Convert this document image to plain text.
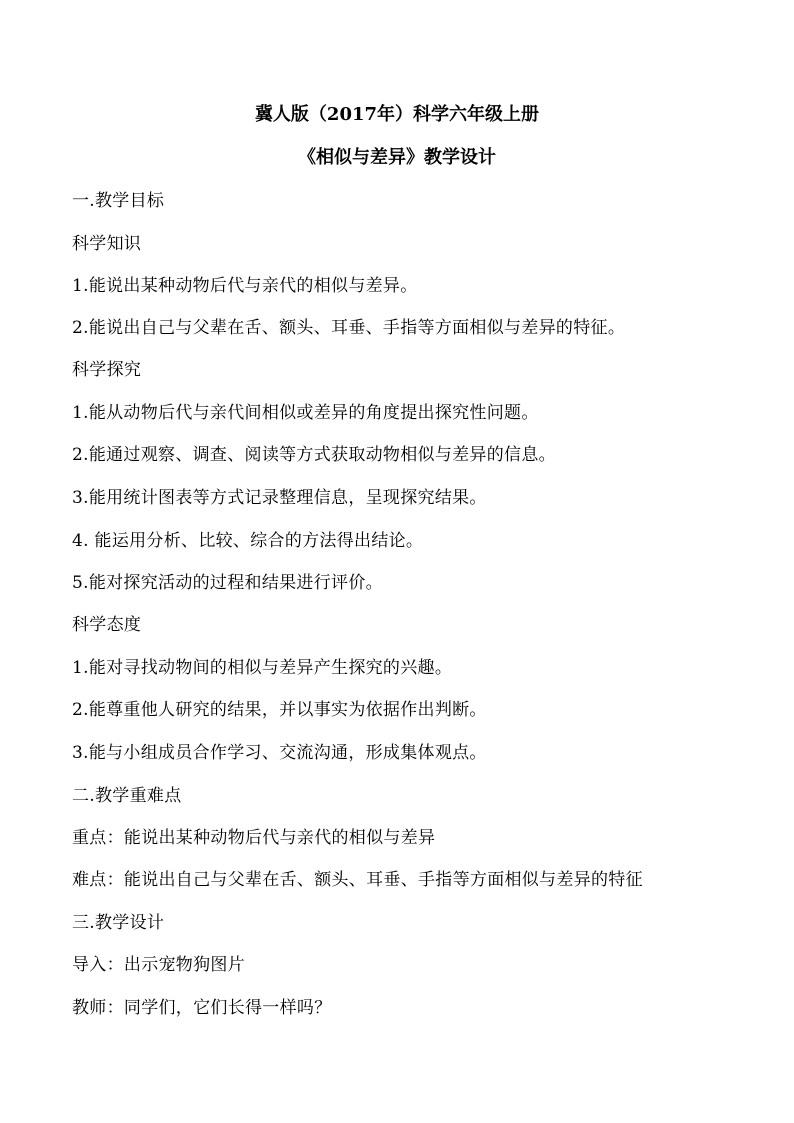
冀人版（2017年）科学六年级上册
《相似与差异》教学设计
一.教学目标
科学知识
1.能说出某种动物后代与亲代的相似与差异。
2.能说出自己与父辈在舌、额头、耳垂、手指等方面相似与差异的特征。
科学探究
1.能从动物后代与亲代间相似或差异的角度提出探究性问题。
2.能通过观察、调查、阅读等方式获取动物相似与差异的信息。
3.能用统计图表等方式记录整理信息，呈现探究结果。
4. 能运用分析、比较、综合的方法得出结论。
5.能对探究活动的过程和结果进行评价。
科学态度
1.能对寻找动物间的相似与差异产生探究的兴趣。
2.能尊重他人研究的结果，并以事实为依据作出判断。
3.能与小组成员合作学习、交流沟通，形成集体观点。
二.教学重难点
重点：能说出某种动物后代与亲代的相似与差异
难点：能说出自己与父辈在舌、额头、耳垂、手指等方面相似与差异的特征
三.教学设计
导入：出示宠物狗图片
教师：同学们，它们长得一样吗？
